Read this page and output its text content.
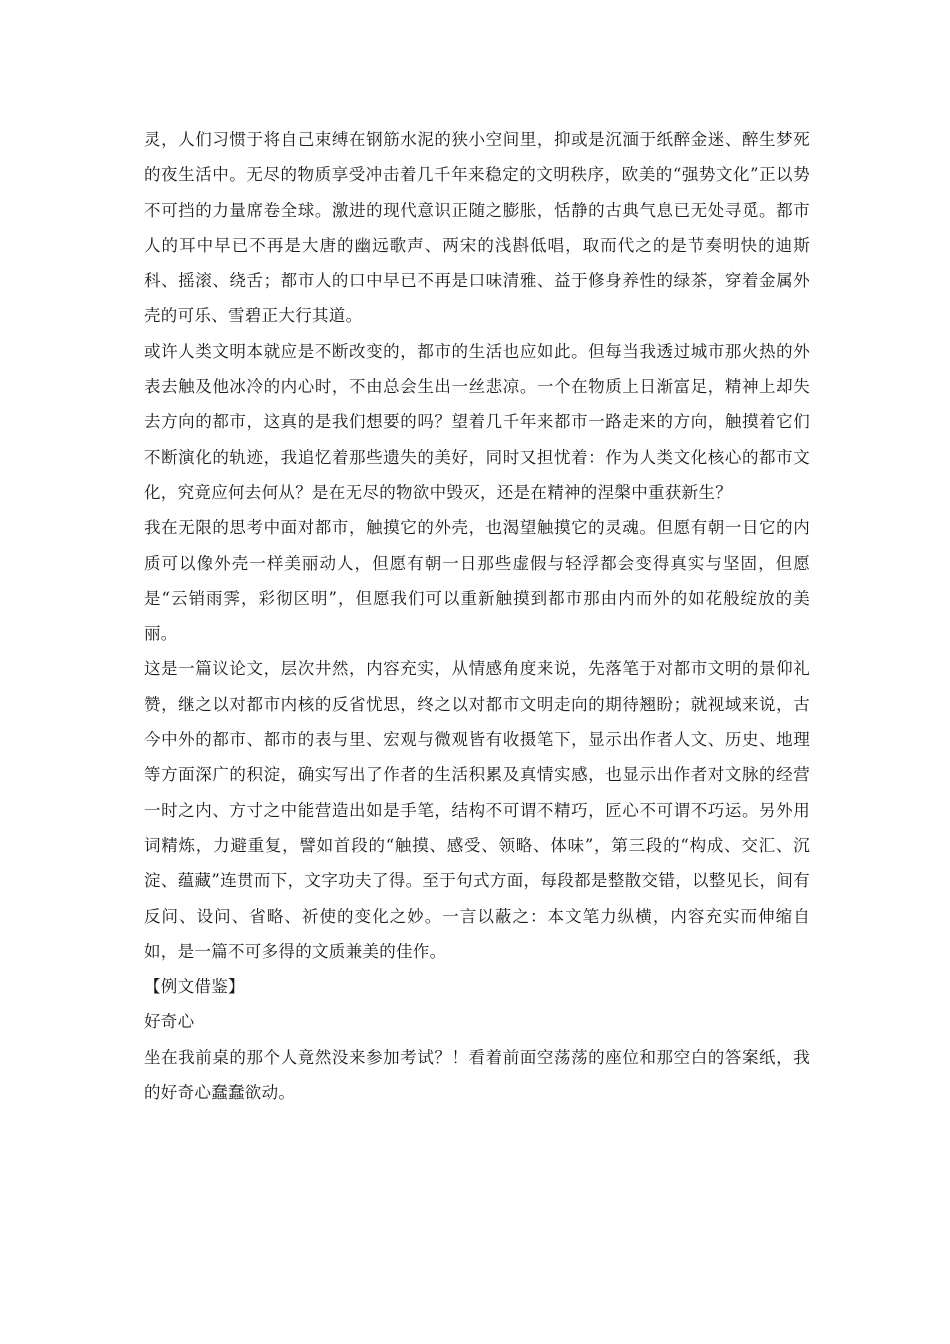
灵，人们习惯于将自己束缚在钢筋水泥的狭小空间里，抑或是沉湎于纸醉金迷、醉生梦死的夜生活中。无尽的物质享受冲击着几千年来稳定的文明秩序，欧美的“强势文化”正以势不可挡的力量席卷全球。激进的现代意识正随之膨胀，恬静的古典气息已无处寻觅。都市人的耳中早已不再是大唐的幽远歌声、两宋的浅斟低唱，取而代之的是节奏明快的迪斯科、摇滚、绕舌；都市人的口中早已不再是口味清雅、益于修身养性的绿茶，穿着金属外壳的可乐、雪碧正大行其道。

或许人类文明本就应是不断改变的，都市的生活也应如此。但每当我透过城市那火热的外表去触及他冰冷的内心时，不由总会生出一丝悲凉。一个在物质上日渐富足，精神上却失去方向的都市，这真的是我们想要的吗？望着几千年来都市一路走来的方向，触摸着它们不断演化的轨迹，我追忆着那些遗失的美好，同时又担忧着：作为人类文化核心的都市文化，究竟应何去何从？是在无尽的物欲中毁灭，还是在精神的涅槃中重获新生？

我在无限的思考中面对都市，触摸它的外壳，也渴望触摸它的灵魂。但愿有朝一日它的内质可以像外壳一样美丽动人，但愿有朝一日那些虚假与轻浮都会变得真实与坚固，但愿是“云销雨霁，彩彻区明”，但愿我们可以重新触摸到都市那由内而外的如花般绽放的美丽。

这是一篇议论文，层次井然，内容充实，从情感角度来说，先落笔于对都市文明的景仰礼赞，继之以对都市内核的反省忧思，终之以对都市文明走向的期待翘盼；就视域来说，古今中外的都市、都市的表与里、宏观与微观皆有收摄笔下，显示出作者人文、历史、地理等方面深广的积淀，确实写出了作者的生活积累及真情实感，也显示出作者对文脉的经营一时之内、方寸之中能营造出如是手笔，结构不可谓不精巧，匠心不可谓不巧运。另外用词精炼，力避重复，譬如首段的“触摸、感受、领略、体味”，第三段的“构成、交汇、沉淀、蕴藏”连贯而下，文字功夫了得。至于句式方面，每段都是整散交错，以整见长，间有反问、设问、省略、祈使的变化之妙。一言以蔽之：本文笔力纵横，内容充实而伸缩自如，是一篇不可多得的文质兼美的佳作。

【例文借鉴】

好奇心

坐在我前桌的那个人竟然没来参加考试？！看着前面空荡荡的座位和那空白的答案纸，我的好奇心蠢蠢欲动。
